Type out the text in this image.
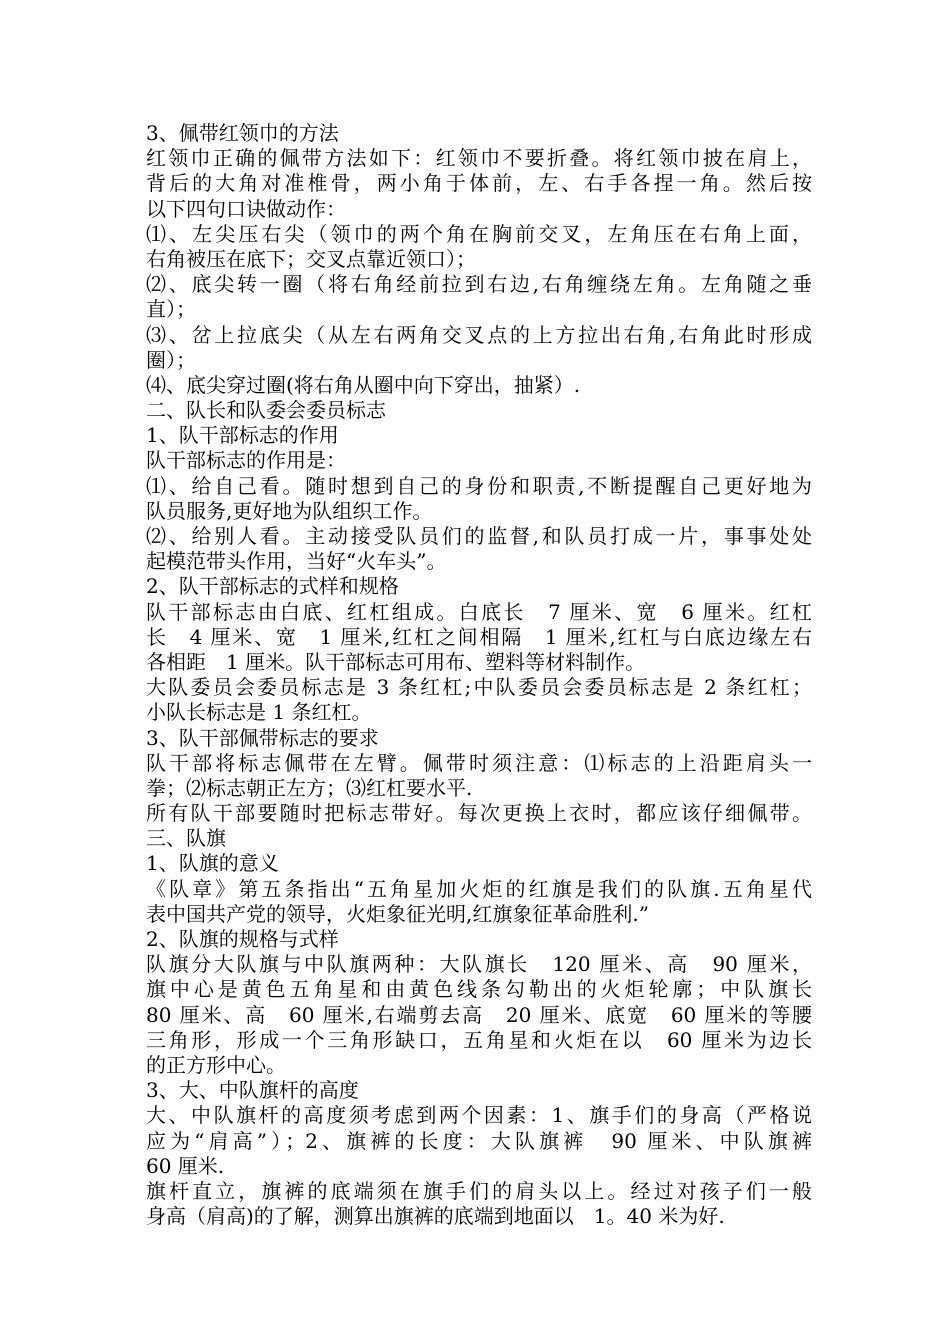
3、佩带红领巾的方法
红领巾正确的佩带方法如下：红领巾不要折叠。将红领巾披在肩上，
背后的大角对准椎骨，两小角于体前，左、右手各捏一角。然后按
以下四句口诀做动作：
⑴、左尖压右尖（领巾的两个角在胸前交叉，左角压在右角上面，
右角被压在底下；交叉点靠近领口）；
⑵、底尖转一圈（将右角经前拉到右边,右角缠绕左角。左角随之垂
直）；
⑶、岔上拉底尖（从左右两角交叉点的上方拉出右角,右角此时形成
圈）；
⑷、底尖穿过圈(将右角从圈中向下穿出，抽紧）.
二、队长和队委会委员标志
1、队干部标志的作用
队干部标志的作用是：
⑴、给自己看。随时想到自己的身份和职责,不断提醒自己更好地为
队员服务,更好地为队组织工作。
⑵、给别人看。主动接受队员们的监督,和队员打成一片，事事处处
起模范带头作用，当好“火车头”。
2、队干部标志的式样和规格
队干部标志由白底、红杠组成。白底长　7 厘米、宽　6 厘米。红杠
长　4 厘米、宽　1 厘米,红杠之间相隔　1 厘米,红杠与白底边缘左右
各相距　1 厘米。队干部标志可用布、塑料等材料制作。
大队委员会委员标志是 3 条红杠;中队委员会委员标志是 2 条红杠；
小队长标志是 1 条红杠。
3、队干部佩带标志的要求
队干部将标志佩带在左臂。佩带时须注意：⑴标志的上沿距肩头一
拳；⑵标志朝正左方；⑶红杠要水平.
所有队干部要随时把标志带好。每次更换上衣时，都应该仔细佩带。
三、队旗
1、队旗的意义
《队章》第五条指出“五角星加火炬的红旗是我们的队旗.五角星代
表中国共产党的领导，火炬象征光明,红旗象征革命胜利.”
2、队旗的规格与式样
队旗分大队旗与中队旗两种：大队旗长　120 厘米、高　90 厘米，
旗中心是黄色五角星和由黄色线条勾勒出的火炬轮廓；中队旗长
80 厘米、高　60 厘米,右端剪去高　20 厘米、底宽　60 厘米的等腰
三角形，形成一个三角形缺口，五角星和火炬在以　60 厘米为边长
的正方形中心。
3、大、中队旗杆的高度
大、中队旗杆的高度须考虑到两个因素：1、旗手们的身高（严格说
应为“肩高”）；2、旗裤的长度：大队旗裤　90 厘米、中队旗裤
60 厘米.
旗杆直立，旗裤的底端须在旗手们的肩头以上。经过对孩子们一般
身高（肩高)的了解，测算出旗裤的底端到地面以　1。40 米为好.
